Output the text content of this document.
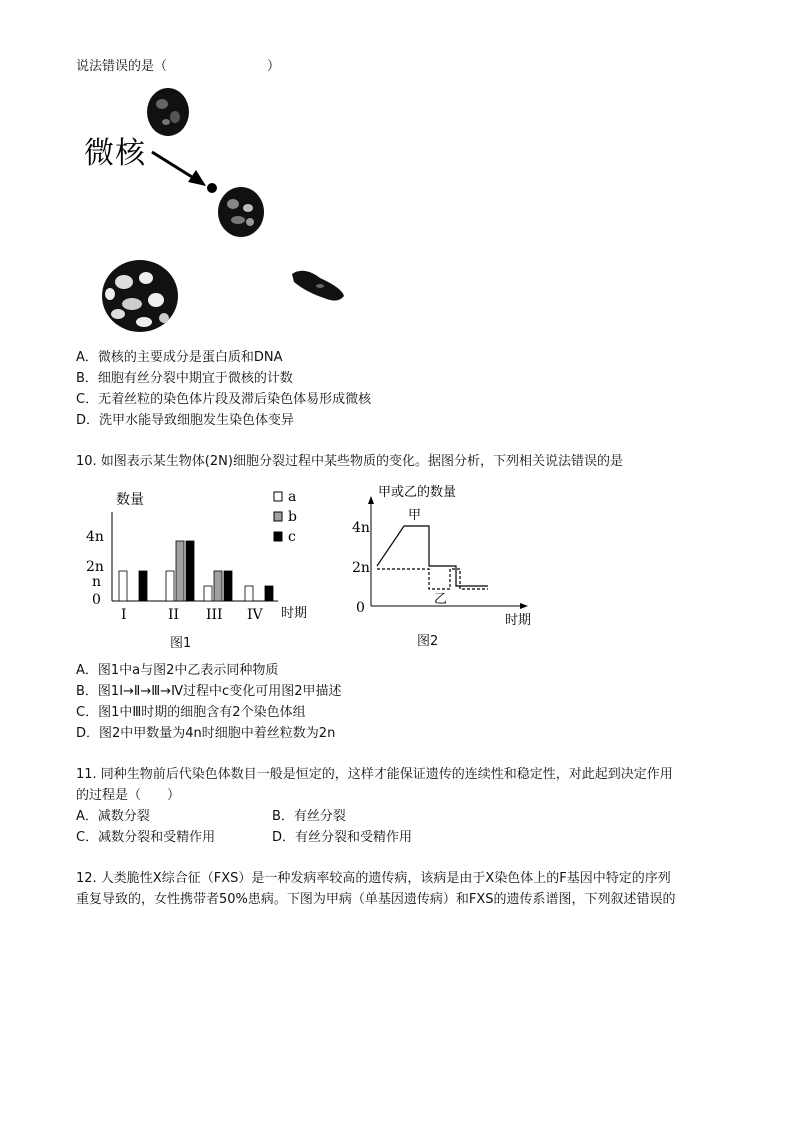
说法错误的是（	）
微核
A．微核的主要成分是蛋白质和DNA
B．细胞有丝分裂中期宜于微核的计数
C．无着丝粒的染色体片段及滞后染色体易形成微核
D．洗甲水能导致细胞发生染色体变异
10. 如图表示某生物体(2N)细胞分裂过程中某些物质的变化。据图分析，下列相关说法错误的是
数量
4n
2n
n
0
I	II III IV 时期
a
b
c
图1
甲或乙的数量
4n
2n
0
甲
乙
时期
图2
A．图1中a与图2中乙表示同种物质
B．图1I→Ⅱ→Ⅲ→Ⅳ过程中c变化可用图2甲描述
C．图1中Ⅲ时期的细胞含有2个染色体组
D．图2中甲数量为4n时细胞中着丝粒数为2n
11. 同种生物前后代染色体数目一般是恒定的，这样才能保证遗传的连续性和稳定性，对此起到决定作用
的过程是（　　）
A．减数分裂	B．有丝分裂
C．减数分裂和受精作用	D．有丝分裂和受精作用
12. 人类脆性X综合征（FXS）是一种发病率较高的遗传病，该病是由于X染色体上的F基因中特定的序列
重复导致的，女性携带者50%患病。下图为甲病（单基因遗传病）和FXS的遗传系谱图，下列叙述错误的
